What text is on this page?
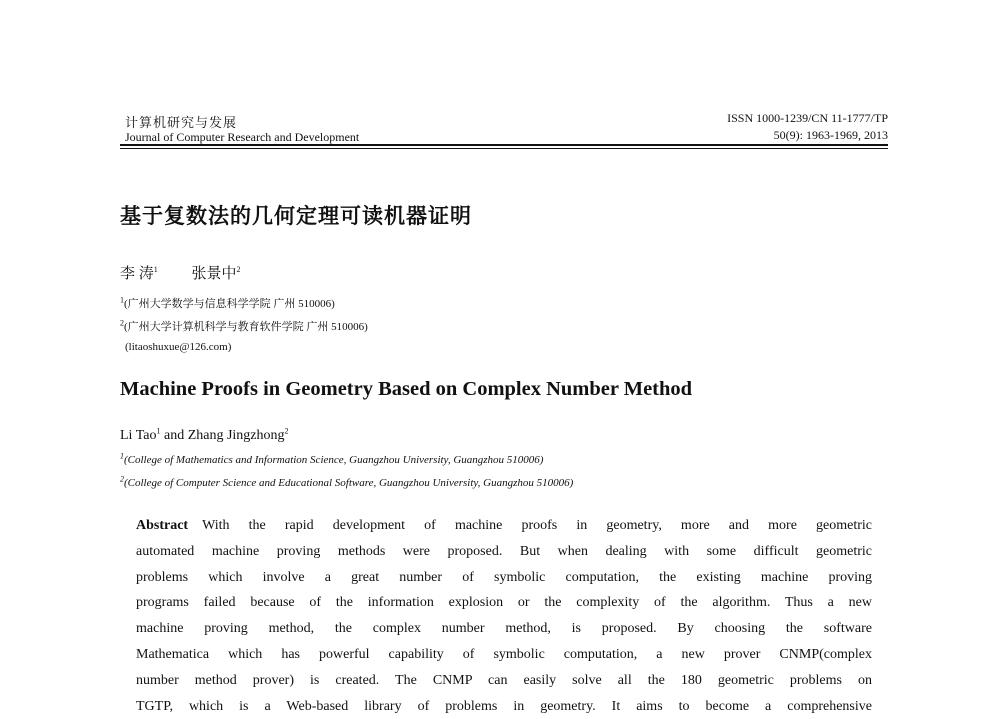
计算机研究与发展
Journal of Computer Research and Development
ISSN 1000-1239/CN 11-1777/TP
50(9): 1963-1969, 2013
基于复数法的几何定理可读机器证明
李 涛$^1$ 张景中$^2$
$^1$(广州大学数学与信息科学学院 广州 510006)
$^2$(广州大学计算机科学与教育软件学院 广州 510006)
(litaoshuxue@126.com)
Machine Proofs in Geometry Based on Complex Number Method
Li Tao$^1$ and Zhang Jingzhong$^2$
$^1$(College of Mathematics and Information Science, Guangzhou University, Guangzhou 510006)
$^2$(College of Computer Science and Educational Software, Guangzhou University, Guangzhou 510006)
Abstract With the rapid development of machine proofs in geometry, more and more geometric
automated machine proving methods were proposed. But when dealing with some difficult geometric
problems which involve a great number of symbolic computation, the existing machine proving
programs failed because of the information explosion or the complexity of the algorithm. Thus a new
machine proving method, the complex number method, is proposed. By choosing the software
Mathematica which has powerful capability of symbolic computation, a new prover CNMP(complex
number method prover) is created. The CNMP can easily solve all the 180 geometric problems on
TGTP, which is a Web-based library of problems in geometry. It aims to become a comprehensive
